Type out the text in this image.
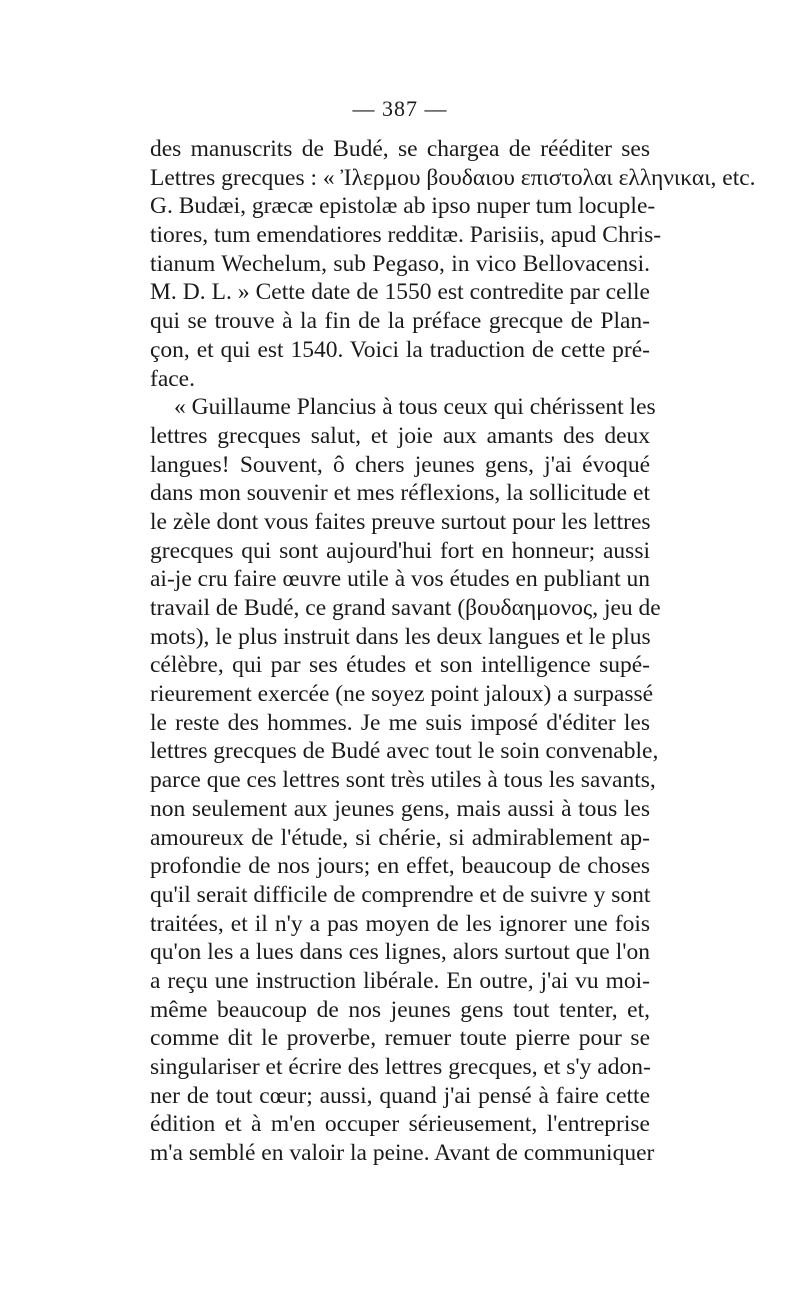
— 387 —
des manuscrits de Budé, se chargea de rééditer ses
Lettres grecques : « Ἰλερμου βουδαιου επιστολαι ελληνικαι, etc.
G. Budæi, græcæ epistolæ ab ipso nuper tum locuple-
tiores, tum emendatiores redditæ. Parisiis, apud Chris-
tianum Wechelum, sub Pegaso, in vico Bellovacensi.
M. D. L. » Cette date de 1550 est contredite par celle
qui se trouve à la fin de la préface grecque de Plan-
çon, et qui est 1540. Voici la traduction de cette pré-
face.
« Guillaume Plancius à tous ceux qui chérissent les
lettres grecques salut, et joie aux amants des deux
langues! Souvent, ô chers jeunes gens, j'ai évoqué
dans mon souvenir et mes réflexions, la sollicitude et
le zèle dont vous faites preuve surtout pour les lettres
grecques qui sont aujourd'hui fort en honneur; aussi
ai-je cru faire œuvre utile à vos études en publiant un
travail de Budé, ce grand savant (βουδαημονος, jeu de
mots), le plus instruit dans les deux langues et le plus
célèbre, qui par ses études et son intelligence supé-
rieurement exercée (ne soyez point jaloux) a surpassé
le reste des hommes. Je me suis imposé d'éditer les
lettres grecques de Budé avec tout le soin convenable,
parce que ces lettres sont très utiles à tous les savants,
non seulement aux jeunes gens, mais aussi à tous les
amoureux de l'étude, si chérie, si admirablement ap-
profondie de nos jours; en effet, beaucoup de choses
qu'il serait difficile de comprendre et de suivre y sont
traitées, et il n'y a pas moyen de les ignorer une fois
qu'on les a lues dans ces lignes, alors surtout que l'on
a reçu une instruction libérale. En outre, j'ai vu moi-
même beaucoup de nos jeunes gens tout tenter, et,
comme dit le proverbe, remuer toute pierre pour se
singulariser et écrire des lettres grecques, et s'y adon-
ner de tout cœur; aussi, quand j'ai pensé à faire cette
édition et à m'en occuper sérieusement, l'entreprise
m'a semblé en valoir la peine. Avant de communiquer
